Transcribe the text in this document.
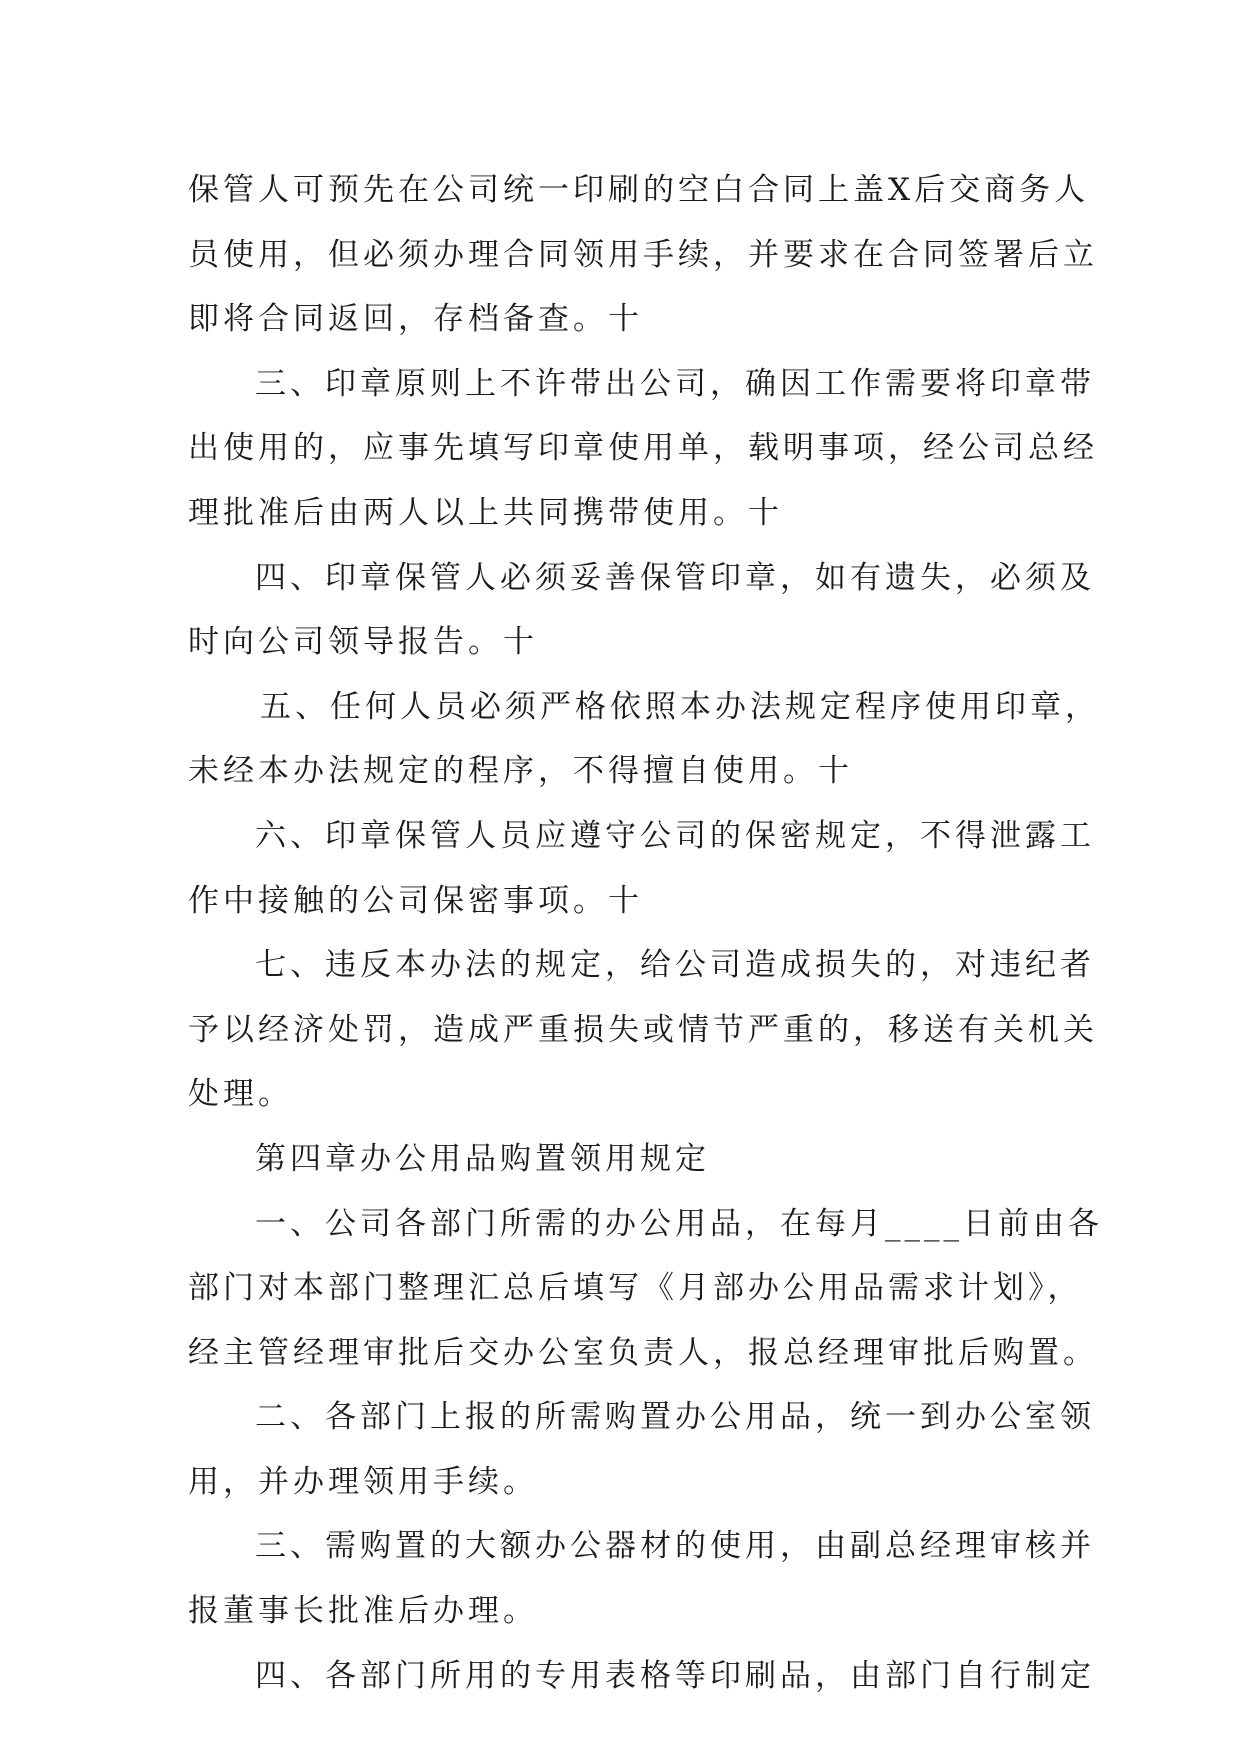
保管人可预先在公司统一印刷的空白合同上盖X后交商务人
员使用，但必须办理合同领用手续，并要求在合同签署后立
即将合同返回，存档备查。十
三、印章原则上不许带出公司，确因工作需要将印章带
出使用的，应事先填写印章使用单，载明事项，经公司总经
理批准后由两人以上共同携带使用。十
四、印章保管人必须妥善保管印章，如有遗失，必须及
时向公司领导报告。十
五、任何人员必须严格依照本办法规定程序使用印章，
未经本办法规定的程序，不得擅自使用。十
六、印章保管人员应遵守公司的保密规定，不得泄露工
作中接触的公司保密事项。十
七、违反本办法的规定，给公司造成损失的，对违纪者
予以经济处罚，造成严重损失或情节严重的，移送有关机关
处理。
第四章办公用品购置领用规定
一、公司各部门所需的办公用品，在每月____日前由各
部门对本部门整理汇总后填写《月部办公用品需求计划》，
经主管经理审批后交办公室负责人，报总经理审批后购置。
二、各部门上报的所需购置办公用品，统一到办公室领
用，并办理领用手续。
三、需购置的大额办公器材的使用，由副总经理审核并
报董事长批准后办理。
四、各部门所用的专用表格等印刷品，由部门自行制定
